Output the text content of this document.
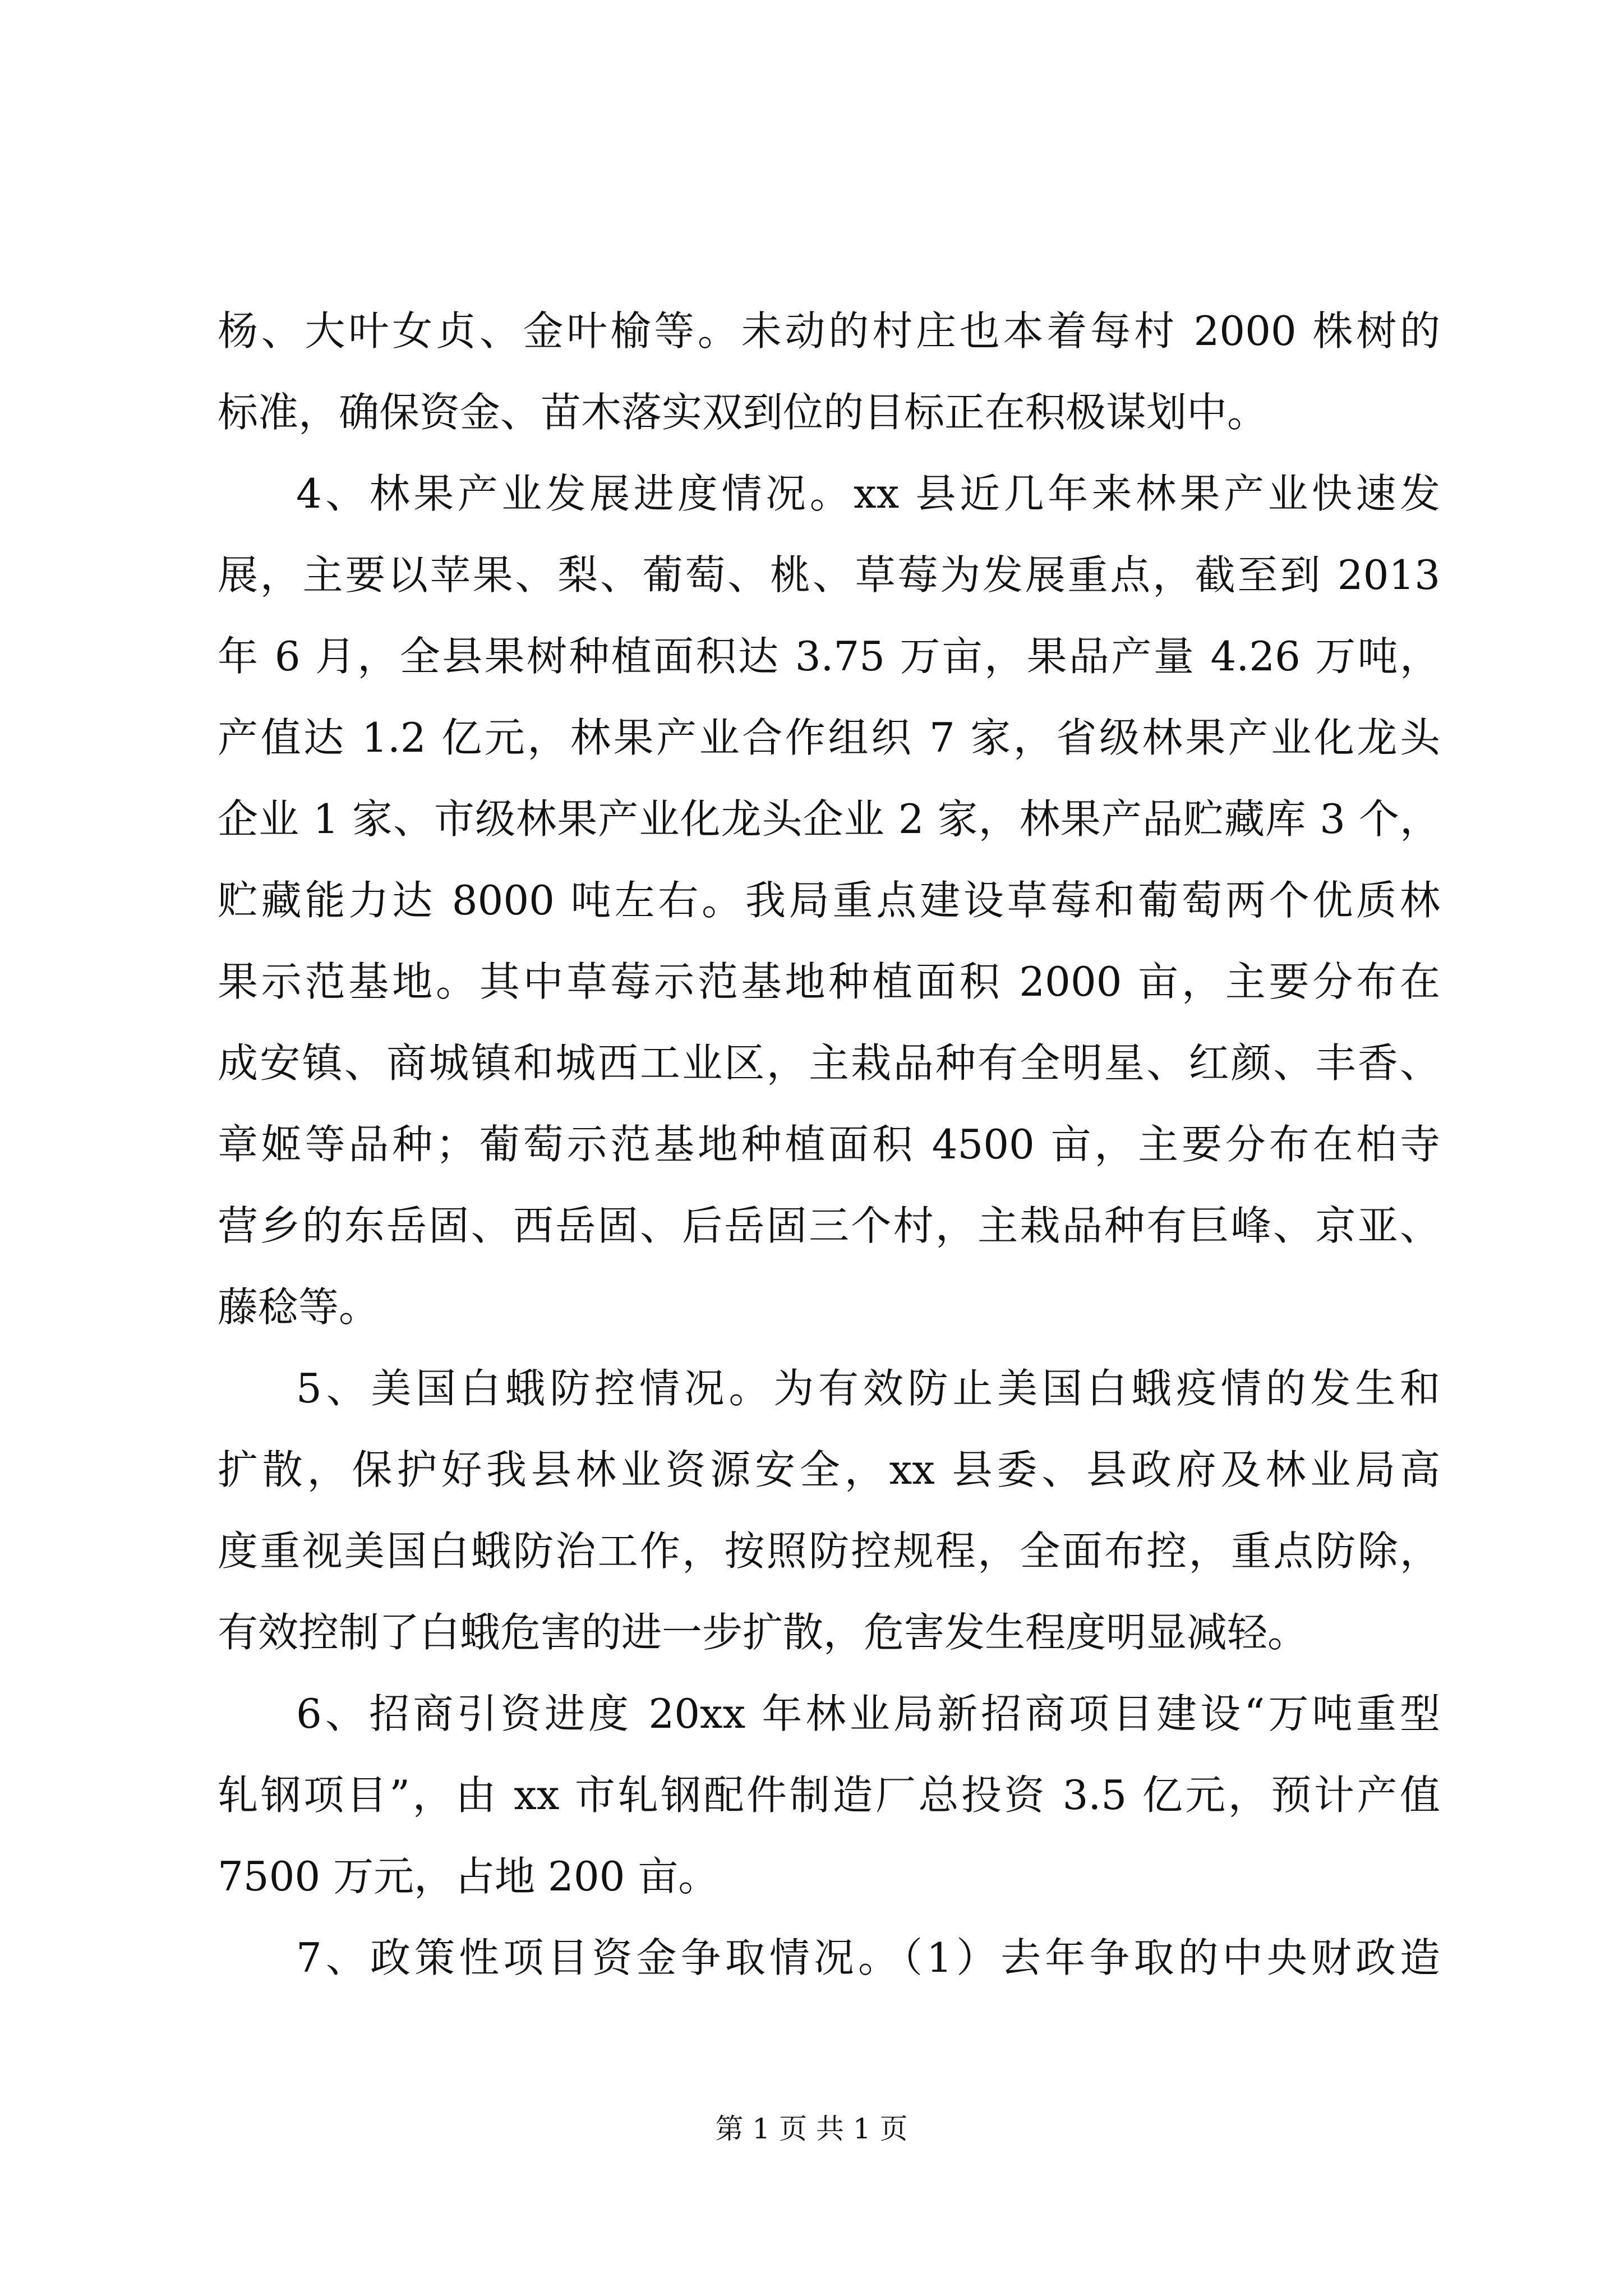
杨、大叶女贞、金叶榆等。未动的村庄也本着每村 2000 株树的
标准，确保资金、苗木落实双到位的目标正在积极谋划中。
4、林果产业发展进度情况。xx 县近几年来林果产业快速发
展，主要以苹果、梨、葡萄、桃、草莓为发展重点，截至到 2013
年 6 月，全县果树种植面积达 3.75 万亩，果品产量 4.26 万吨，
产值达 1.2 亿元，林果产业合作组织 7 家，省级林果产业化龙头
企业 1 家、市级林果产业化龙头企业 2 家，林果产品贮藏库 3 个，
贮藏能力达 8000 吨左右。我局重点建设草莓和葡萄两个优质林
果示范基地。其中草莓示范基地种植面积 2000 亩，主要分布在
成安镇、商城镇和城西工业区，主栽品种有全明星、红颜、丰香、
章姬等品种；葡萄示范基地种植面积 4500 亩，主要分布在柏寺
营乡的东岳固、西岳固、后岳固三个村，主栽品种有巨峰、京亚、
藤稔等。
5、美国白蛾防控情况。为有效防止美国白蛾疫情的发生和
扩散，保护好我县林业资源安全，xx 县委、县政府及林业局高
度重视美国白蛾防治工作，按照防控规程，全面布控，重点防除，
有效控制了白蛾危害的进一步扩散，危害发生程度明显减轻。
6、招商引资进度 20xx 年林业局新招商项目建设“万吨重型
轧钢项目”，由 xx 市轧钢配件制造厂总投资 3.5 亿元，预计产值
7500 万元，占地 200 亩。
7、政策性项目资金争取情况。（1）去年争取的中央财政造
第 1 页 共 1 页
